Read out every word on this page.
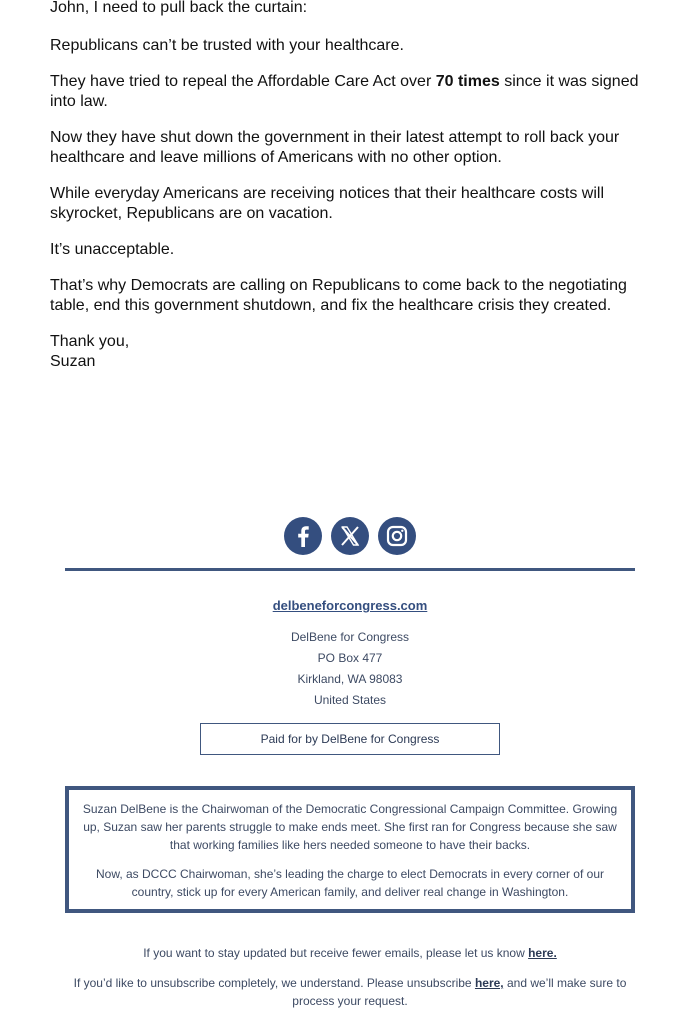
John, I need to pull back the curtain:

Republicans can’t be trusted with your healthcare.

They have tried to repeal the Affordable Care Act over 70 times since it was signed into law.

Now they have shut down the government in their latest attempt to roll back your healthcare and leave millions of Americans with no other option.

While everyday Americans are receiving notices that their healthcare costs will skyrocket, Republicans are on vacation.

It’s unacceptable.

That’s why Democrats are calling on Republicans to come back to the negotiating table, end this government shutdown, and fix the healthcare crisis they created.

Thank you,
Suzan

delbeneforcongress.com
DelBene for Congress
PO Box 477
Kirkland, WA 98083
United States
Paid for by DelBene for Congress

Suzan DelBene is the Chairwoman of the Democratic Congressional Campaign Committee. Growing up, Suzan saw her parents struggle to make ends meet. She first ran for Congress because she saw that working families like hers needed someone to have their backs.

Now, as DCCC Chairwoman, she’s leading the charge to elect Democrats in every corner of our country, stick up for every American family, and deliver real change in Washington.

If you want to stay updated but receive fewer emails, please let us know here.
If you’d like to unsubscribe completely, we understand. Please unsubscribe here, and we’ll make sure to process your request.
